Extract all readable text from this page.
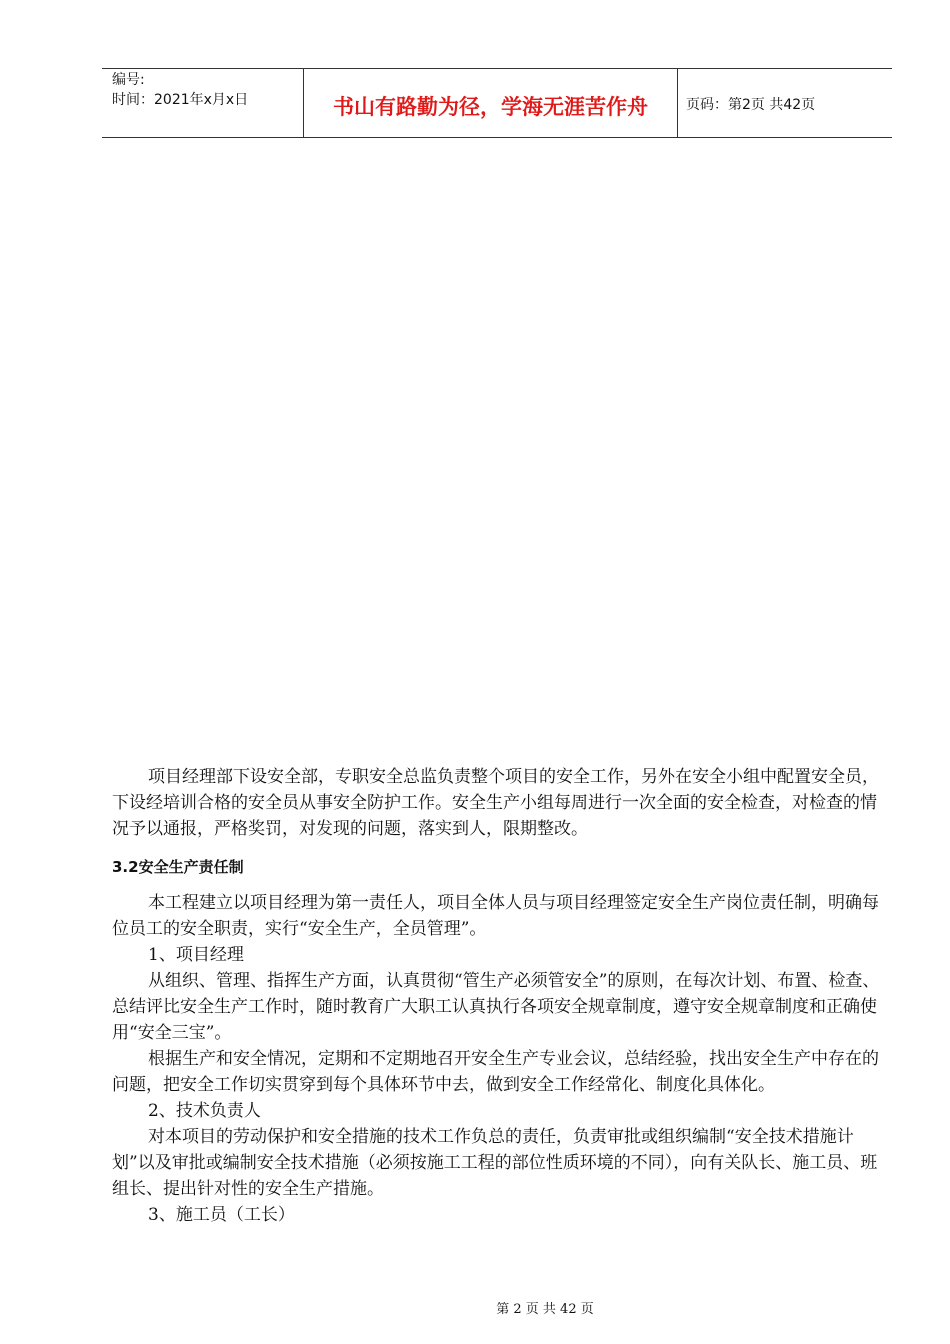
编号:
时间：2021年x月x日	书山有路勤为径，学海无涯苦作舟	页码：第2页 共42页

项目经理部下设安全部，专职安全总监负责整个项目的安全工作，另外在安全小组中配置安全员，下设经培训合格的安全员从事安全防护工作。安全生产小组每周进行一次全面的安全检查，对检查的情况予以通报，严格奖罚，对发现的问题，落实到人，限期整改。

3.2安全生产责任制

本工程建立以项目经理为第一责任人，项目全体人员与项目经理签定安全生产岗位责任制，明确每位员工的安全职责，实行“安全生产，全员管理”。

1、项目经理

从组织、管理、指挥生产方面，认真贯彻“管生产必须管安全”的原则，在每次计划、布置、检查、总结评比安全生产工作时，随时教育广大职工认真执行各项安全规章制度，遵守安全规章制度和正确使用“安全三宝”。

根据生产和安全情况，定期和不定期地召开安全生产专业会议，总结经验，找出安全生产中存在的问题，把安全工作切实贯穿到每个具体环节中去，做到安全工作经常化、制度化具体化。

2、技术负责人

对本项目的劳动保护和安全措施的技术工作负总的责任，负责审批或组织编制“安全技术措施计划”以及审批或编制安全技术措施（必须按施工工程的部位性质环境的不同），向有关队长、施工员、班组长、提出针对性的安全生产措施。

3、施工员（工长）

第 2 页 共 42 页
